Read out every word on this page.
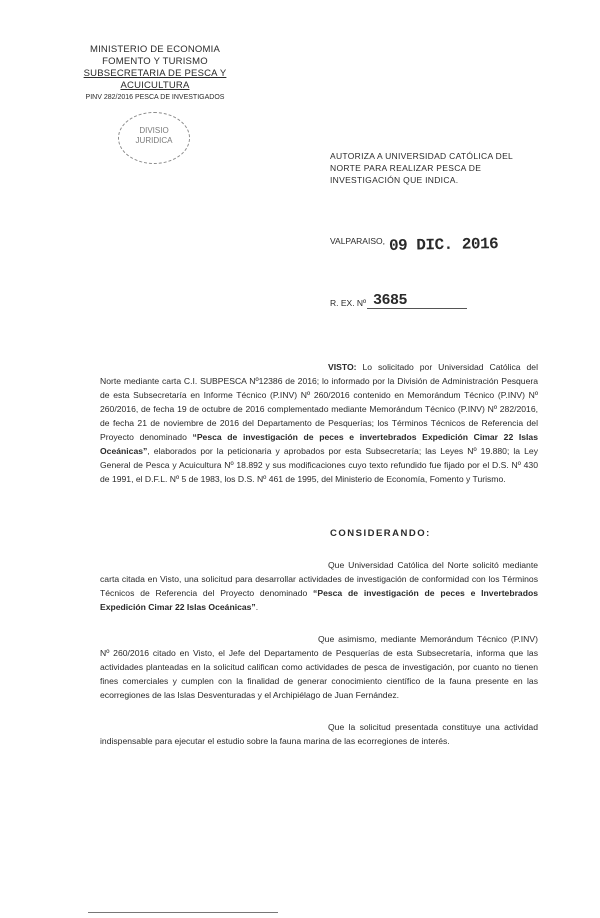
MINISTERIO DE ECONOMIA
FOMENTO Y TURISMO
SUBSECRETARIA DE PESCA Y ACUICULTURA
PINV 282/2016 PESCA DE INVESTIGADOS
DIVISIO
JURIDICA
AUTORIZA A UNIVERSIDAD CATÓLICA DEL NORTE PARA REALIZAR PESCA DE INVESTIGACIÓN QUE INDICA.
VALPARAISO, 09 DIC. 2016
R. EX. Nº 3685
VISTO: Lo solicitado por Universidad Católica del Norte mediante carta C.I. SUBPESCA Nº12386 de 2016; lo informado por la División de Administración Pesquera de esta Subsecretaría en Informe Técnico (P.INV) Nº 260/2016 contenido en Memorándum Técnico (P.INV) Nº 260/2016, de fecha 19 de octubre de 2016 complementado mediante Memorándum Técnico (P.INV) Nº 282/2016, de fecha 21 de noviembre de 2016 del Departamento de Pesquerías; los Términos Técnicos de Referencia del Proyecto denominado “Pesca de investigación de peces e invertebrados Expedición Cimar 22 Islas Oceánicas”, elaborados por la peticionaria y aprobados por esta Subsecretaría; las Leyes Nº 19.880; la Ley General de Pesca y Acuicultura Nº 18.892 y sus modificaciones cuyo texto refundido fue fijado por el D.S. Nº 430 de 1991, el D.F.L. Nº 5 de 1983, los D.S. Nº 461 de 1995, del Ministerio de Economía, Fomento y Turismo.
CONSIDERANDO:
Que Universidad Católica del Norte solicitó mediante carta citada en Visto, una solicitud para desarrollar actividades de investigación de conformidad con los Términos Técnicos de Referencia del Proyecto denominado “Pesca de investigación de peces e Invertebrados Expedición Cimar 22 Islas Oceánicas”.
Que asimismo, mediante Memorándum Técnico (P.INV) Nº 260/2016 citado en Visto, el Jefe del Departamento de Pesquerías de esta Subsecretaría, informa que las actividades planteadas en la solicitud califican como actividades de pesca de investigación, por cuanto no tienen fines comerciales y cumplen con la finalidad de generar conocimiento científico de la fauna presente en las ecorregiones de las Islas Desventuradas y el Archipiélago de Juan Fernández.
Que la solicitud presentada constituye una actividad indispensable para ejecutar el estudio sobre la fauna marina de las ecorregiones de interés.
